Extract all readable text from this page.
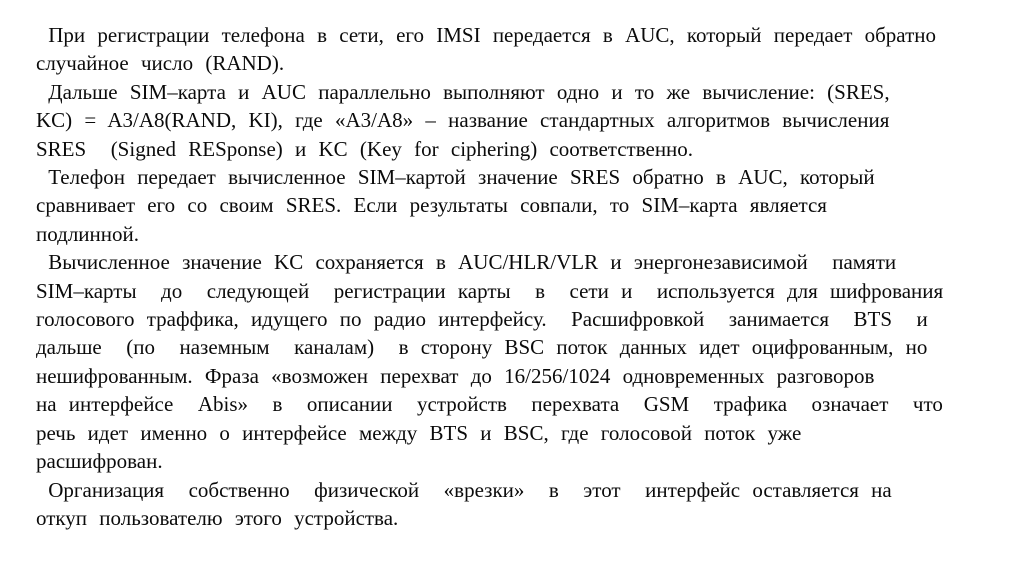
При регистрации телефона в сети, его IMSI передается в AUC, который передает обратно
случайное число (RAND).
Дальше SIM–карта и AUC параллельно выполняют одно и то же вычисление: (SRES,
KC) = A3/A8(RAND, KI), где «А3/А8» – название стандартных алгоритмов вычисления
SRES  (Signed RESponse) и KC (Key for ciphering) соответственно.
Телефон передает вычисленное SIM–картой значение SRES обратно в AUC, который
сравнивает его со своим SRES. Если результаты совпали, то SIM–карта является
подлинной.
Вычисленное значение KC сохраняется в AUC/HLR/VLR и энергонезависимой  памяти
SIM–карты  до  следующей  регистрации карты  в  сети и  используется для шифрования
голосового траффика, идущего по радио интерфейсу.  Расшифровкой  занимается  BTS  и
дальше  (по  наземным  каналам)  в сторону BSC поток данных идет оцифрованным, но
нешифрованным. Фраза «возможен перехват до 16/256/1024 одновременных разговоров
на интерфейсе  Abis»  в  описании  устройств  перехвата  GSM  трафика  означает  что
речь идет именно о интерфейсе между BTS и BSC, где голосовой поток уже
расшифрован.
Организация  собственно  физической  «врезки»  в  этот  интерфейс оставляется на
откуп пользователю этого устройства.
